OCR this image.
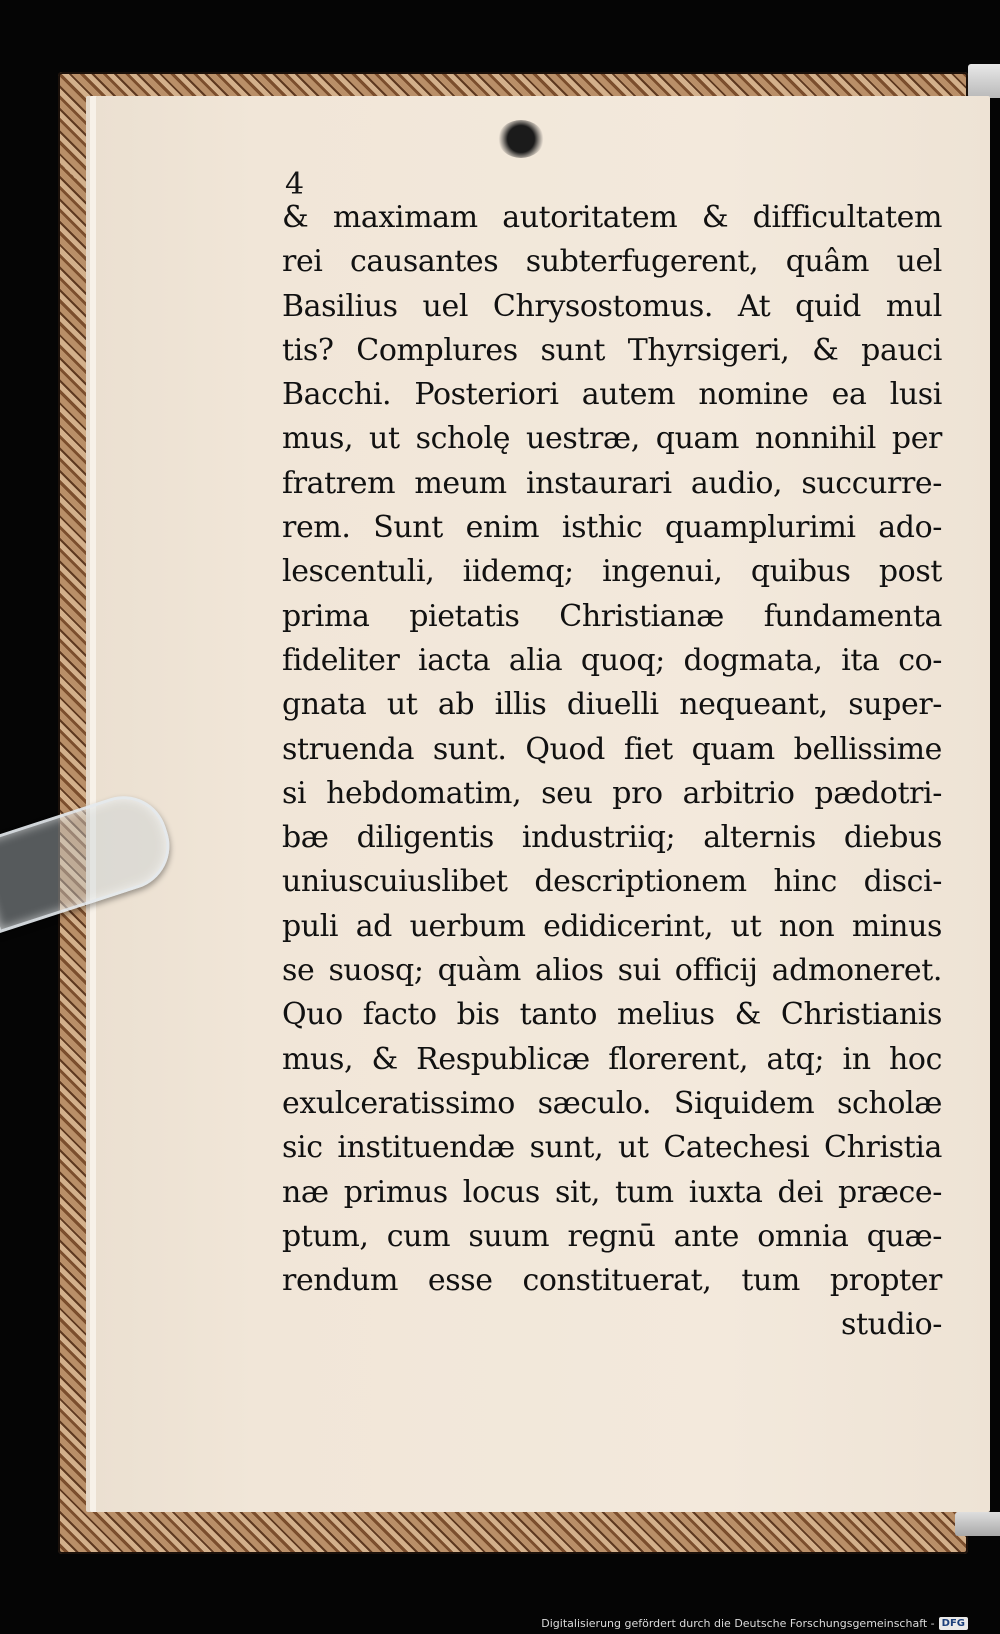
4

& maximam autoritatem & difficultatem
rei causantes subterfugerent, quâm uel
Basilius uel Chrysostomus. At quid mul
tis? Complures sunt Thyrsigeri, & pauci
Bacchi. Posteriori autem nomine ea lusi
mus, ut scholę uestræ, quam nonnihil per
fratrem meum instaurari audio, succurre-
rem. Sunt enim isthic quamplurimi ado-
lescentuli, iidemq; ingenui, quibus post
prima pietatis Christianæ fundamenta
fideliter iacta alia quoq; dogmata, ita co-
gnata ut ab illis diuelli nequeant, super-
struenda sunt. Quod fiet quam bellissime
si hebdomatim, seu pro arbitrio pædotri-
bæ diligentis industriiq; alternis diebus
uniuscuiuslibet descriptionem hinc disci-
puli ad uerbum edidicerint, ut non minus
se suosq; quàm alios sui officij admoneret.
Quo facto bis tanto melius & Christianis
mus, & Respublicæ florerent, atq; in hoc
exulceratissimo sæculo. Siquidem scholæ
sic instituendæ sunt, ut Catechesi Christia
næ primus locus sit, tum iuxta dei præce-
ptum, cum suum regnū ante omnia quæ-
rendum esse constituerat, tum propter
studio-
Digitalisierung gefördert durch die Deutsche Forschungsgemeinschaft - DFG
